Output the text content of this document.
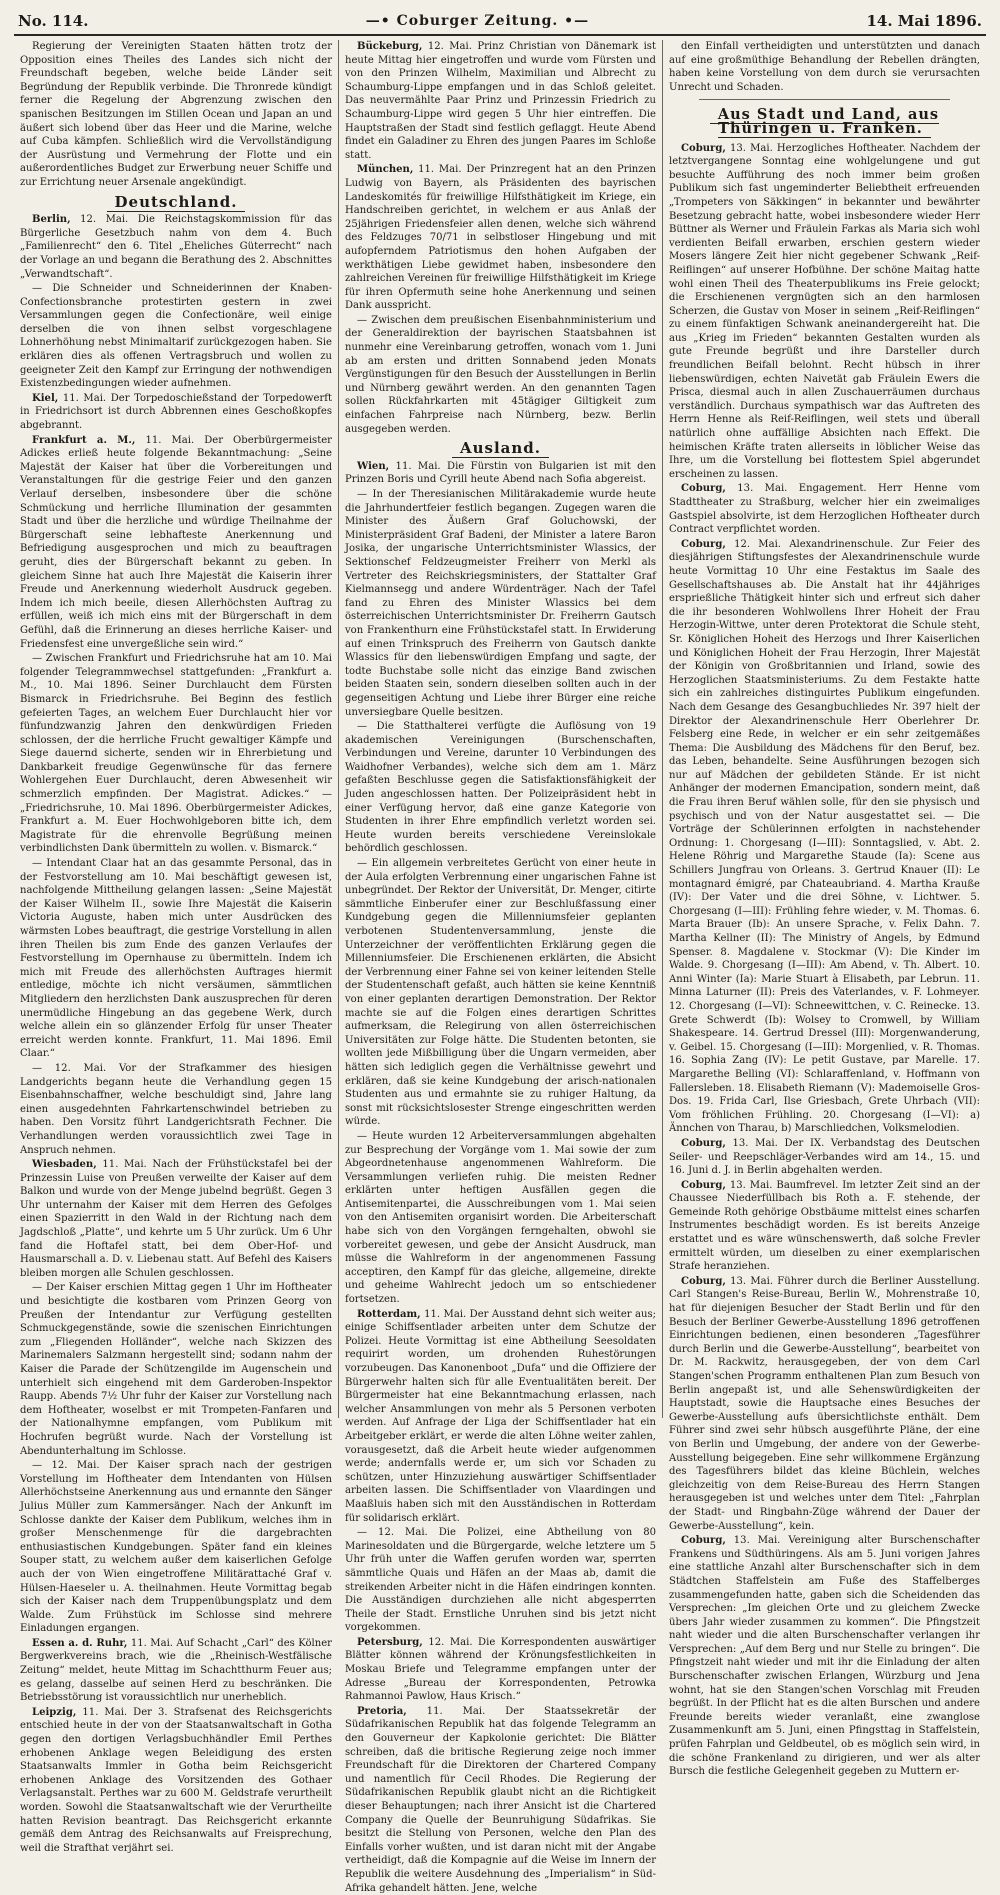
No. 114.	—• Coburger Zeitung. •—	14. Mai 1896.

Regierung der Vereinigten Staaten hätten trotz der Opposition eines Theiles des Landes sich nicht der Freundschaft begeben, welche beide Länder seit Begründung der Republik verbinde. Die Thronrede kündigt ferner die Regelung der Abgrenzung zwischen den spanischen Besitzungen im Stillen Ocean und Japan an und äußert sich lobend über das Heer und die Marine, welche auf Cuba kämpfen. Schließlich wird die Vervollständigung der Ausrüstung und Vermehrung der Flotte und ein außerordentliches Budget zur Erwerbung neuer Schiffe und zur Errichtung neuer Arsenale angekündigt.

Deutschland.

Berlin, 12. Mai. Die Reichstagskommission für das Bürgerliche Gesetzbuch nahm von dem 4. Buch „Familienrecht“ den 6. Titel „Eheliches Güterrecht“ nach der Vorlage an und begann die Berathung des 2. Abschnittes „Verwandtschaft“.

— Die Schneider und Schneiderinnen der Knaben-Confectionsbranche protestirten gestern in zwei Versammlungen gegen die Confectionäre, weil einige derselben die von ihnen selbst vorgeschlagene Lohnerhöhung nebst Minimaltarif zurückgezogen haben. Sie erklären dies als offenen Vertragsbruch und wollen zu geeigneter Zeit den Kampf zur Erringung der nothwendigen Existenzbedingungen wieder aufnehmen.

Kiel, 11. Mai. Der Torpedoschießstand der Torpedowerft in Friedrichsort ist durch Abbrennen eines Geschoßkopfes abgebrannt.

Frankfurt a. M., 11. Mai. Der Oberbürgermeister Adickes erließ heute folgende Bekanntmachung: „Seine Majestät der Kaiser hat über die Vorbereitungen und Veranstaltungen für die gestrige Feier und den ganzen Verlauf derselben, insbesondere über die schöne Schmückung und herrliche Illumination der gesammten Stadt und über die herzliche und würdige Theilnahme der Bürgerschaft seine lebhafteste Anerkennung und Befriedigung ausgesprochen und mich zu beauftragen geruht, dies der Bürgerschaft bekannt zu geben. In gleichem Sinne hat auch Ihre Majestät die Kaiserin ihrer Freude und Anerkennung wiederholt Ausdruck gegeben. Indem ich mich beeile, diesen Allerhöchsten Auftrag zu erfüllen, weiß ich mich eins mit der Bürgerschaft in dem Gefühl, daß die Erinnerung an dieses herrliche Kaiser- und Friedensfest eine unvergeßliche sein wird.“

— Zwischen Frankfurt und Friedrichsruhe hat am 10. Mai folgender Telegrammwechsel stattgefunden: „Frankfurt a. M., 10. Mai 1896. Seiner Durchlaucht dem Fürsten Bismarck in Friedrichsruhe. Bei Beginn des festlich gefeierten Tages, an welchem Euer Durchlaucht hier vor fünfundzwanzig Jahren den denkwürdigen Frieden schlossen, der die herrliche Frucht gewaltiger Kämpfe und Siege dauernd sicherte, senden wir in Ehrerbietung und Dankbarkeit freudige Gegenwünsche für das fernere Wohlergehen Euer Durchlaucht, deren Abwesenheit wir schmerzlich empfinden. Der Magistrat. Adickes.“ — „Friedrichsruhe, 10. Mai 1896. Oberbürgermeister Adickes, Frankfurt a. M. Euer Hochwohlgeboren bitte ich, dem Magistrate für die ehrenvolle Begrüßung meinen verbindlichsten Dank übermitteln zu wollen. v. Bismarck.“

— Intendant Claar hat an das gesammte Personal, das in der Festvorstellung am 10. Mai beschäftigt gewesen ist, nachfolgende Mittheilung gelangen lassen: „Seine Majestät der Kaiser Wilhelm II., sowie Ihre Majestät die Kaiserin Victoria Auguste, haben mich unter Ausdrücken des wärmsten Lobes beauftragt, die gestrige Vorstellung in allen ihren Theilen bis zum Ende des ganzen Verlaufes der Festvorstellung im Opernhause zu übermitteln. Indem ich mich mit Freude des allerhöchsten Auftrages hiermit entledige, möchte ich nicht versäumen, sämmtlichen Mitgliedern den herzlichsten Dank auszusprechen für deren unermüdliche Hingebung an das gegebene Werk, durch welche allein ein so glänzender Erfolg für unser Theater erreicht werden konnte. Frankfurt, 11. Mai 1896. Emil Claar.“

— 12. Mai. Vor der Strafkammer des hiesigen Landgerichts begann heute die Verhandlung gegen 15 Eisenbahnschaffner, welche beschuldigt sind, Jahre lang einen ausgedehnten Fahrkartenschwindel betrieben zu haben. Den Vorsitz führt Landgerichtsrath Fechner. Die Verhandlungen werden voraussichtlich zwei Tage in Anspruch nehmen.

Wiesbaden, 11. Mai. Nach der Frühstückstafel bei der Prinzessin Luise von Preußen verweilte der Kaiser auf dem Balkon und wurde von der Menge jubelnd begrüßt. Gegen 3 Uhr unternahm der Kaiser mit dem Herren des Gefolges einen Spazierritt in den Wald in der Richtung nach dem Jagdschloß „Platte“, und kehrte um 5 Uhr zurück. Um 6 Uhr fand die Hoftafel statt, bei dem Ober-Hof- und Hausmarschall a. D. v. Liebenau statt. Auf Befehl des Kaisers bleiben morgen alle Schulen geschlossen.

— Der Kaiser erschien Mittag gegen 1 Uhr im Hoftheater und besichtigte die kostbaren vom Prinzen Georg von Preußen der Intendantur zur Verfügung gestellten Schmuckgegenstände, sowie die szenischen Einrichtungen zum „Fliegenden Holländer“, welche nach Skizzen des Marinemalers Salzmann hergestellt sind; sodann nahm der Kaiser die Parade der Schützengilde im Augenschein und unterhielt sich eingehend mit dem Garderoben-Inspektor Raupp. Abends 7½ Uhr fuhr der Kaiser zur Vorstellung nach dem Hoftheater, woselbst er mit Trompeten-Fanfaren und der Nationalhymne empfangen, vom Publikum mit Hochrufen begrüßt wurde. Nach der Vorstellung ist Abendunterhaltung im Schlosse.

— 12. Mai. Der Kaiser sprach nach der gestrigen Vorstellung im Hoftheater dem Intendanten von Hülsen Allerhöchstseine Anerkennung aus und ernannte den Sänger Julius Müller zum Kammersänger. Nach der Ankunft im Schlosse dankte der Kaiser dem Publikum, welches ihm in großer Menschenmenge für die dargebrachten enthusiastischen Kundgebungen. Später fand ein kleines Souper statt, zu welchem außer dem kaiserlichen Gefolge auch der von Wien eingetroffene Militärattaché Graf v. Hülsen-Haeseler u. A. theilnahmen. Heute Vormittag begab sich der Kaiser nach dem Truppenübungsplatz und dem Walde. Zum Frühstück im Schlosse sind mehrere Einladungen ergangen.

Essen a. d. Ruhr, 11. Mai. Auf Schacht „Carl“ des Kölner Bergwerkvereins brach, wie die „Rheinisch-Westfälische Zeitung“ meldet, heute Mittag im Schachtthurm Feuer aus; es gelang, dasselbe auf seinen Herd zu beschränken. Die Betriebsstörung ist voraussichtlich nur unerheblich.

Leipzig, 11. Mai. Der 3. Strafsenat des Reichsgerichts entschied heute in der von der Staatsanwaltschaft in Gotha gegen den dortigen Verlagsbuchhändler Emil Perthes erhobenen Anklage wegen Beleidigung des ersten Staatsanwalts Immler in Gotha beim Reichsgericht erhobenen Anklage des Vorsitzenden des Gothaer Verlagsanstalt. Perthes war zu 600 M. Geldstrafe verurtheilt worden. Sowohl die Staatsanwaltschaft wie der Verurtheilte hatten Revision beantragt. Das Reichsgericht erkannte gemäß dem Antrag des Reichsanwalts auf Freisprechung, weil die Strafthat verjährt sei.

Bückeburg, 12. Mai. Prinz Christian von Dänemark ist heute Mittag hier eingetroffen und wurde vom Fürsten und von den Prinzen Wilhelm, Maximilian und Albrecht zu Schaumburg-Lippe empfangen und in das Schloß geleitet. Das neuvermählte Paar Prinz und Prinzessin Friedrich zu Schaumburg-Lippe wird gegen 5 Uhr hier eintreffen. Die Hauptstraßen der Stadt sind festlich geflaggt. Heute Abend findet ein Galadiner zu Ehren des jungen Paares im Schloße statt.

München, 11. Mai. Der Prinzregent hat an den Prinzen Ludwig von Bayern, als Präsidenten des bayrischen Landeskomités für freiwillige Hilfsthätigkeit im Kriege, ein Handschreiben gerichtet, in welchem er aus Anlaß der 25jährigen Friedensfeier allen denen, welche sich während des Feldzuges 70/71 in selbstloser Hingebung und mit aufopferndem Patriotismus den hohen Aufgaben der werkthätigen Liebe gewidmet haben, insbesondere den zahlreichen Vereinen für freiwillige Hilfsthätigkeit im Kriege für ihren Opfermuth seine hohe Anerkennung und seinen Dank ausspricht.

— Zwischen dem preußischen Eisenbahnministerium und der Generaldirektion der bayrischen Staatsbahnen ist nunmehr eine Vereinbarung getroffen, wonach vom 1. Juni ab am ersten und dritten Sonnabend jeden Monats Vergünstigungen für den Besuch der Ausstellungen in Berlin und Nürnberg gewährt werden. An den genannten Tagen sollen Rückfahrkarten mit 45tägiger Giltigkeit zum einfachen Fahrpreise nach Nürnberg, bezw. Berlin ausgegeben werden.

Ausland.

Wien, 11. Mai. Die Fürstin von Bulgarien ist mit den Prinzen Boris und Cyrill heute Abend nach Sofia abgereist.

— In der Theresianischen Militärakademie wurde heute die Jahrhundertfeier festlich begangen. Zugegen waren die Minister des Äußern Graf Goluchowski, der Ministerpräsident Graf Badeni, der Minister a latere Baron Josika, der ungarische Unterrichtsminister Wlassics, der Sektionschef Feldzeugmeister Freiherr von Merkl als Vertreter des Reichskriegsministers, der Stattalter Graf Kielmannsegg und andere Würdenträger. Nach der Tafel fand zu Ehren des Minister Wlassics bei dem österreichischen Unterrichtsminister Dr. Freiherrn Gautsch von Frankenthurn eine Frühstückstafel statt. In Erwiderung auf einen Trinkspruch des Freiherrn von Gautsch dankte Wlassics für den liebenswürdigen Empfang und sagte, der todte Buchstabe solle nicht das einzige Band zwischen beiden Staaten sein, sondern dieselben sollten auch in der gegenseitigen Achtung und Liebe ihrer Bürger eine reiche unversiegbare Quelle besitzen.

— Die Statthalterei verfügte die Auflösung von 19 akademischen Vereinigungen (Burschenschaften, Verbindungen und Vereine, darunter 10 Verbindungen des Waidhofner Verbandes), welche sich dem am 1. März gefaßten Beschlusse gegen die Satisfaktionsfähigkeit der Juden angeschlossen hatten. Der Polizeipräsident hebt in einer Verfügung hervor, daß eine ganze Kategorie von Studenten in ihrer Ehre empfindlich verletzt worden sei. Heute wurden bereits verschiedene Vereinslokale behördlich geschlossen.

— Ein allgemein verbreitetes Gerücht von einer heute in der Aula erfolgten Verbrennung einer ungarischen Fahne ist unbegründet. Der Rektor der Universität, Dr. Menger, citirte sämmtliche Einberufer einer zur Beschlußfassung einer Kundgebung gegen die Millenniumsfeier geplanten verbotenen Studentenversammlung, jenste die Unterzeichner der veröffentlichten Erklärung gegen die Millenniumsfeier. Die Erschienenen erklärten, die Absicht der Verbrennung einer Fahne sei von keiner leitenden Stelle der Studentenschaft gefaßt, auch hätten sie keine Kenntniß von einer geplanten derartigen Demonstration. Der Rektor machte sie auf die Folgen eines derartigen Schrittes aufmerksam, die Relegirung von allen österreichischen Universitäten zur Folge hätte. Die Studenten betonten, sie wollten jede Mißbilligung über die Ungarn vermeiden, aber hätten sich lediglich gegen die Verhältnisse gewehrt und erklären, daß sie keine Kundgebung der arisch-nationalen Studenten aus und ermahnte sie zu ruhiger Haltung, da sonst mit rücksichtslosester Strenge eingeschritten werden würde.

— Heute wurden 12 Arbeiterversammlungen abgehalten zur Besprechung der Vorgänge vom 1. Mai sowie der zum Abgeordnetenhause angenommenen Wahlreform. Die Versammlungen verliefen ruhig. Die meisten Redner erklärten unter heftigen Ausfällen gegen die Antisemitenpartei, die Ausschreibungen vom 1. Mai seien von den Antisemiten organisirt worden. Die Arbeiterschaft habe sich von den Vorgängen ferngehalten, obwohl sie vorbereitet gewesen, und gebe der Ansicht Ausdruck, man müsse die Wahlreform in der angenommenen Fassung acceptiren, den Kampf für das gleiche, allgemeine, direkte und geheime Wahlrecht jedoch um so entschiedener fortsetzen.

Rotterdam, 11. Mai. Der Ausstand dehnt sich weiter aus; einige Schiffsentlader arbeiten unter dem Schutze der Polizei. Heute Vormittag ist eine Abtheilung Seesoldaten requirirt worden, um drohenden Ruhestörungen vorzubeugen. Das Kanonenboot „Dufa“ und die Offiziere der Bürgerwehr halten sich für alle Eventualitäten bereit. Der Bürgermeister hat eine Bekanntmachung erlassen, nach welcher Ansammlungen von mehr als 5 Personen verboten werden. Auf Anfrage der Liga der Schiffsentlader hat ein Arbeitgeber erklärt, er werde die alten Löhne weiter zahlen, vorausgesetzt, daß die Arbeit heute wieder aufgenommen werde; andernfalls werde er, um sich vor Schaden zu schützen, unter Hinzuziehung auswärtiger Schiffsentlader arbeiten lassen. Die Schiffsentlader von Vlaardingen und Maaßluis haben sich mit den Ausständischen in Rotterdam für solidarisch erklärt.

— 12. Mai. Die Polizei, eine Abtheilung von 80 Marinesoldaten und die Bürgergarde, welche letztere um 5 Uhr früh unter die Waffen gerufen worden war, sperrten sämmtliche Quais und Häfen an der Maas ab, damit die streikenden Arbeiter nicht in die Häfen eindringen konnten. Die Ausständigen durchziehen alle nicht abgesperrten Theile der Stadt. Ernstliche Unruhen sind bis jetzt nicht vorgekommen.

Petersburg, 12. Mai. Die Korrespondenten auswärtiger Blätter können während der Krönungsfestlichkeiten in Moskau Briefe und Telegramme empfangen unter der Adresse „Bureau der Korrespondenten, Petrowka Rahmannoi Pawlow, Haus Krisch.“

Pretoria, 11. Mai. Der Staatssekretär der Südafrikanischen Republik hat das folgende Telegramm an den Gouverneur der Kapkolonie gerichtet: Die Blätter schreiben, daß die britische Regierung zeige noch immer Freundschaft für die Direktoren der Chartered Company und namentlich für Cecil Rhodes. Die Regierung der Südafrikanischen Republik glaubt nicht an die Richtigkeit dieser Behauptungen; nach ihrer Ansicht ist die Chartered Company die Quelle der Beunruhigung Südafrikas. Sie besitzt die Stellung von Personen, welche den Plan des Einfalls vorher wußten, und ist daran nicht mit der Angabe vertheidigt, daß die Kompagnie auf die Weise im Innern der Republik die weitere Ausdehnung des „Imperialism“ in Süd-Afrika gehandelt hätten. Jene, welche

den Einfall vertheidigten und unterstützten und danach auf eine großmüthige Behandlung der Rebellen drängten, haben keine Vorstellung von dem durch sie verursachten Unrecht und Schaden.

Aus Stadt und Land, aus Thüringen u. Franken.

Coburg, 13. Mai. Herzogliches Hoftheater. Nachdem der letztvergangene Sonntag eine wohlgelungene und gut besuchte Aufführung des noch immer beim großen Publikum sich fast ungeminderter Beliebtheit erfreuenden „Trompeters von Säkkingen“ in bekannter und bewährter Besetzung gebracht hatte, wobei insbesondere wieder Herr Büttner als Werner und Fräulein Farkas als Maria sich wohl verdienten Beifall erwarben, erschien gestern wieder Mosers längere Zeit hier nicht gegebener Schwank „Reif-Reiflingen“ auf unserer Hofbühne. Der schöne Maitag hatte wohl einen Theil des Theaterpublikums ins Freie gelockt; die Erschienenen vergnügten sich an den harmlosen Scherzen, die Gustav von Moser in seinem „Reif-Reiflingen“ zu einem fünfaktigen Schwank aneinandergereiht hat. Die aus „Krieg im Frieden“ bekannten Gestalten wurden als gute Freunde begrüßt und ihre Darsteller durch freundlichen Beifall belohnt. Recht hübsch in ihrer liebenswürdigen, echten Naivetät gab Fräulein Ewers die Prisca, diesmal auch in allen Zuschauerräumen durchaus verständlich. Durchaus sympathisch war das Auftreten des Herrn Henne als Reif-Reiflingen, weil stets und überall natürlich ohne auffällige Absichten nach Effekt. Die heimischen Kräfte traten allerseits in löblicher Weise das Ihre, um die Vorstellung bei flottestem Spiel abgerundet erscheinen zu lassen.

Coburg, 13. Mai. Engagement. Herr Henne vom Stadttheater zu Straßburg, welcher hier ein zweimaliges Gastspiel absolvirte, ist dem Herzoglichen Hoftheater durch Contract verpflichtet worden.

Coburg, 12. Mai. Alexandrinenschule. Zur Feier des diesjährigen Stiftungsfestes der Alexandrinenschule wurde heute Vormittag 10 Uhr eine Festaktus im Saale des Gesellschaftshauses ab. Die Anstalt hat ihr 44jähriges ersprießliche Thätigkeit hinter sich und erfreut sich daher die ihr besonderen Wohlwollens Ihrer Hoheit der Frau Herzogin-Wittwe, unter deren Protektorat die Schule steht, Sr. Königlichen Hoheit des Herzogs und Ihrer Kaiserlichen und Königlichen Hoheit der Frau Herzogin, Ihrer Majestät der Königin von Großbritannien und Irland, sowie des Herzoglichen Staatsministeriums. Zu dem Festakte hatte sich ein zahlreiches distinguirtes Publikum eingefunden. Nach dem Gesange des Gesangbuchliedes Nr. 397 hielt der Direktor der Alexandrinenschule Herr Oberlehrer Dr. Felsberg eine Rede, in welcher er ein sehr zeitgemäßes Thema: Die Ausbildung des Mädchens für den Beruf, bez. das Leben, behandelte. Seine Ausführungen bezogen sich nur auf Mädchen der gebildeten Stände. Er ist nicht Anhänger der modernen Emancipation, sondern meint, daß die Frau ihren Beruf wählen solle, für den sie physisch und psychisch und von der Natur ausgestattet sei. — Die Vorträge der Schülerinnen erfolgten in nachstehender Ordnung: 1. Chorgesang (I—III): Sonntagslied, v. Abt. 2. Helene Röhrig und Margarethe Staude (Ia): Scene aus Schillers Jungfrau von Orleans. 3. Gertrud Knauer (II): Le montagnard émigré, par Chateaubriand. 4. Martha Krauße (IV): Der Vater und die drei Söhne, v. Lichtwer. 5. Chorgesang (I—III): Frühling fehre wieder, v. M. Thomas. 6. Marta Brauer (Ib): An unsere Sprache, v. Felix Dahn. 7. Martha Kellner (II): The Ministry of Angels, by Edmund Spenser. 8. Magdalene v. Stockmar (V): Die Kinder im Walde. 9. Chorgesang (I—III): Am Abend, v. Th. Albert. 10. Anni Winter (Ia): Marie Stuart à Elisabeth, par Lebrun. 11. Minna Laturner (II): Preis des Vaterlandes, v. F. Lohmeyer. 12. Chorgesang (I—VI): Schneewittchen, v. C. Reinecke. 13. Grete Schwerdt (Ib): Wolsey to Cromwell, by William Shakespeare. 14. Gertrud Dressel (III): Morgenwanderung, v. Geibel. 15. Chorgesang (I—III): Morgenlied, v. R. Thomas. 16. Sophia Zang (IV): Le petit Gustave, par Marelle. 17. Margarethe Belling (VI): Schlaraffenland, v. Hoffmann von Fallersleben. 18. Elisabeth Riemann (V): Mademoiselle Gros-Dos. 19. Frida Carl, Ilse Griesbach, Grete Uhrbach (VII): Vom fröhlichen Frühling. 20. Chorgesang (I—VI): a) Ännchen von Tharau, b) Marschliedchen, Volksmelodien.

Coburg, 13. Mai. Der IX. Verbandstag des Deutschen Seiler- und Reepschläger-Verbandes wird am 14., 15. und 16. Juni d. J. in Berlin abgehalten werden.

Coburg, 13. Mai. Baumfrevel. Im letzter Zeit sind an der Chaussee Niederfüllbach bis Roth a. F. stehende, der Gemeinde Roth gehörige Obstbäume mittelst eines scharfen Instrumentes beschädigt worden. Es ist bereits Anzeige erstattet und es wäre wünschenswerth, daß solche Frevler ermittelt würden, um dieselben zu einer exemplarischen Strafe heranziehen.

Coburg, 13. Mai. Führer durch die Berliner Ausstellung. Carl Stangen's Reise-Bureau, Berlin W., Mohrenstraße 10, hat für diejenigen Besucher der Stadt Berlin und für den Besuch der Berliner Gewerbe-Ausstellung 1896 getroffenen Einrichtungen bedienen, einen besonderen „Tagesführer durch Berlin und die Gewerbe-Ausstellung“, bearbeitet von Dr. M. Rackwitz, herausgegeben, der von dem Carl Stangen'schen Programm enthaltenen Plan zum Besuch von Berlin angepaßt ist, und alle Sehenswürdigkeiten der Hauptstadt, sowie die Hauptsache eines Besuches der Gewerbe-Ausstellung aufs übersichtlichste enthält. Dem Führer sind zwei sehr hübsch ausgeführte Pläne, der eine von Berlin und Umgebung, der andere von der Gewerbe-Ausstellung beigegeben. Eine sehr willkommene Ergänzung des Tagesführers bildet das kleine Büchlein, welches gleichzeitig von dem Reise-Bureau des Herrn Stangen herausgegeben ist und welches unter dem Titel: „Fahrplan der Stadt- und Ringbahn-Züge während der Dauer der Gewerbe-Ausstellung“, kein.

Coburg, 13. Mai. Vereinigung alter Burschenschafter Frankens und Südthüringens. Als am 5. Juni vorigen Jahres eine stattliche Anzahl alter Burschenschafter sich in dem Städtchen Staffelstein am Fuße des Staffelberges zusammengefunden hatte, gaben sich die Scheidenden das Versprechen: „Im gleichen Orte und zu gleichem Zwecke übers Jahr wieder zusammen zu kommen“. Die Pfingstzeit naht wieder und die alten Burschenschafter verlangen ihr Versprechen: „Auf dem Berg und nur Stelle zu bringen“. Die Pfingstzeit naht wieder und mit ihr die Einladung der alten Burschenschafter zwischen Erlangen, Würzburg und Jena wohnt, hat sie den Stangen'schen Vorschlag mit Freuden begrüßt. In der Pflicht hat es die alten Burschen und andere Freunde bereits wieder veranlaßt, eine zwanglose Zusammenkunft am 5. Juni, einen Pfingsttag in Staffelstein, prüfen Fahrplan und Geldbeutel, ob es möglich sein wird, in die schöne Frankenland zu dirigieren, und wer als alter Bursch die festliche Gelegenheit gegeben zu Muttern er-
